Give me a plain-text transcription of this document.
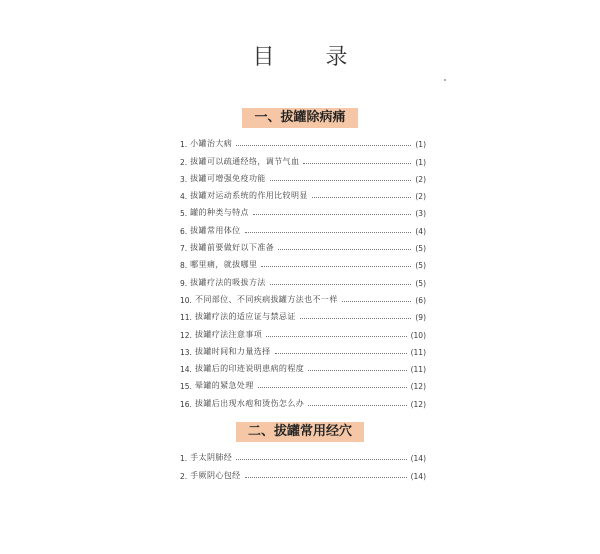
目 录
一、拔罐除病痛
1. 小罐治大病	(1)
2. 拔罐可以疏通经络，调节气血	(1)
3. 拔罐可增强免疫功能	(2)
4. 拔罐对运动系统的作用比较明显	(2)
5. 罐的种类与特点	(3)
6. 拔罐常用体位	(4)
7. 拔罐前要做好以下准备	(5)
8. 哪里痛，就拔哪里	(5)
9. 拔罐疗法的吸拔方法	(5)
10. 不同部位、不同疾病拔罐方法也不一样	(6)
11. 拔罐疗法的适应证与禁忌证	(9)
12. 拔罐疗法注意事项	(10)
13. 拔罐时间和力量选择	(11)
14. 拔罐后的印迹说明患病的程度	(11)
15. 晕罐的紧急处理	(12)
16. 拔罐后出现水疱和烫伤怎么办	(12)
二、拔罐常用经穴
1. 手太阴肺经	(14)
2. 手厥阴心包经	(14)
